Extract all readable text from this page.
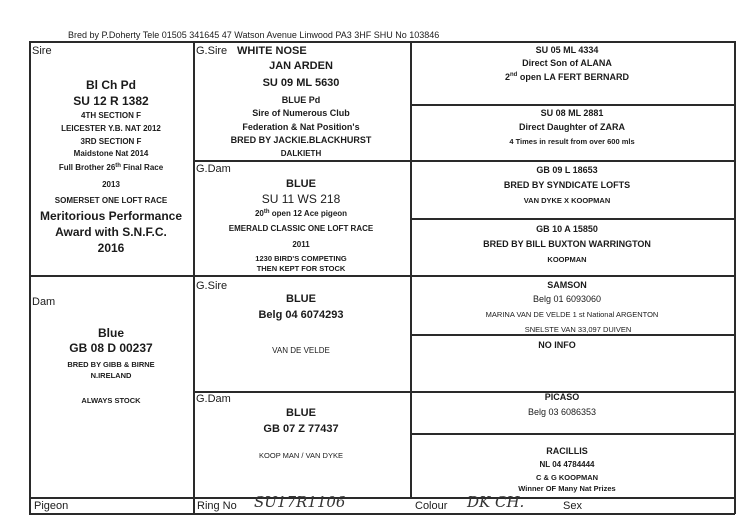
Bred by P.Doherty Tele 01505 341645 47 Watson Avenue Linwood PA3 3HF SHU No 103846
Sire
Bl Ch Pd
SU 12 R 1382
4TH SECTION F
LEICESTER Y.B. NAT 2012
3RD SECTION F
Maidstone Nat 2014
Full Brother 26th Final Race
2013
SOMERSET ONE LOFT RACE
Meritorious Performance
Award with S.N.F.C.
2016
G.Sire WHITE NOSE
JAN ARDEN
SU 09 ML 5630
BLUE Pd
Sire of Numerous Club
Federation & Nat Position's
BRED BY JACKIE.BLACKHURST
DALKIETH
SU 05 ML 4334
Direct Son of ALANA
2nd open LA FERT BERNARD
SU 08 ML 2881
Direct Daughter of ZARA
4 Times in result from over 600 mls
G.Dam
BLUE
SU 11 WS 218
20th open 12 Ace pigeon
EMERALD CLASSIC ONE LOFT RACE
2011
1230 BIRD'S COMPETING
THEN KEPT FOR STOCK
GB 09 L 18653
BRED BY SYNDICATE LOFTS
VAN DYKE X KOOPMAN
GB 10 A 15850
BRED BY BILL BUXTON WARRINGTON
KOOPMAN
Dam
Blue
GB 08 D 00237
BRED BY GIBB & BIRNE
N.IRELAND
ALWAYS STOCK
G.Sire
BLUE
Belg 04 6074293
VAN DE VELDE
SAMSON
Belg 01 6093060
MARINA VAN DE VELDE 1 st National ARGENTON
SNELSTE VAN 33,097 DUIVEN
NO INFO
G.Dam
BLUE
GB 07 Z 77437
KOOP MAN / VAN DYKE
PICASO
Belg 03 6086353
RACILLIS
NL 04 4784444
C & G KOOPMAN
Winner OF Many Nat Prizes
Pigeon	Ring No SU17R1106	Colour DK CH.	Sex
